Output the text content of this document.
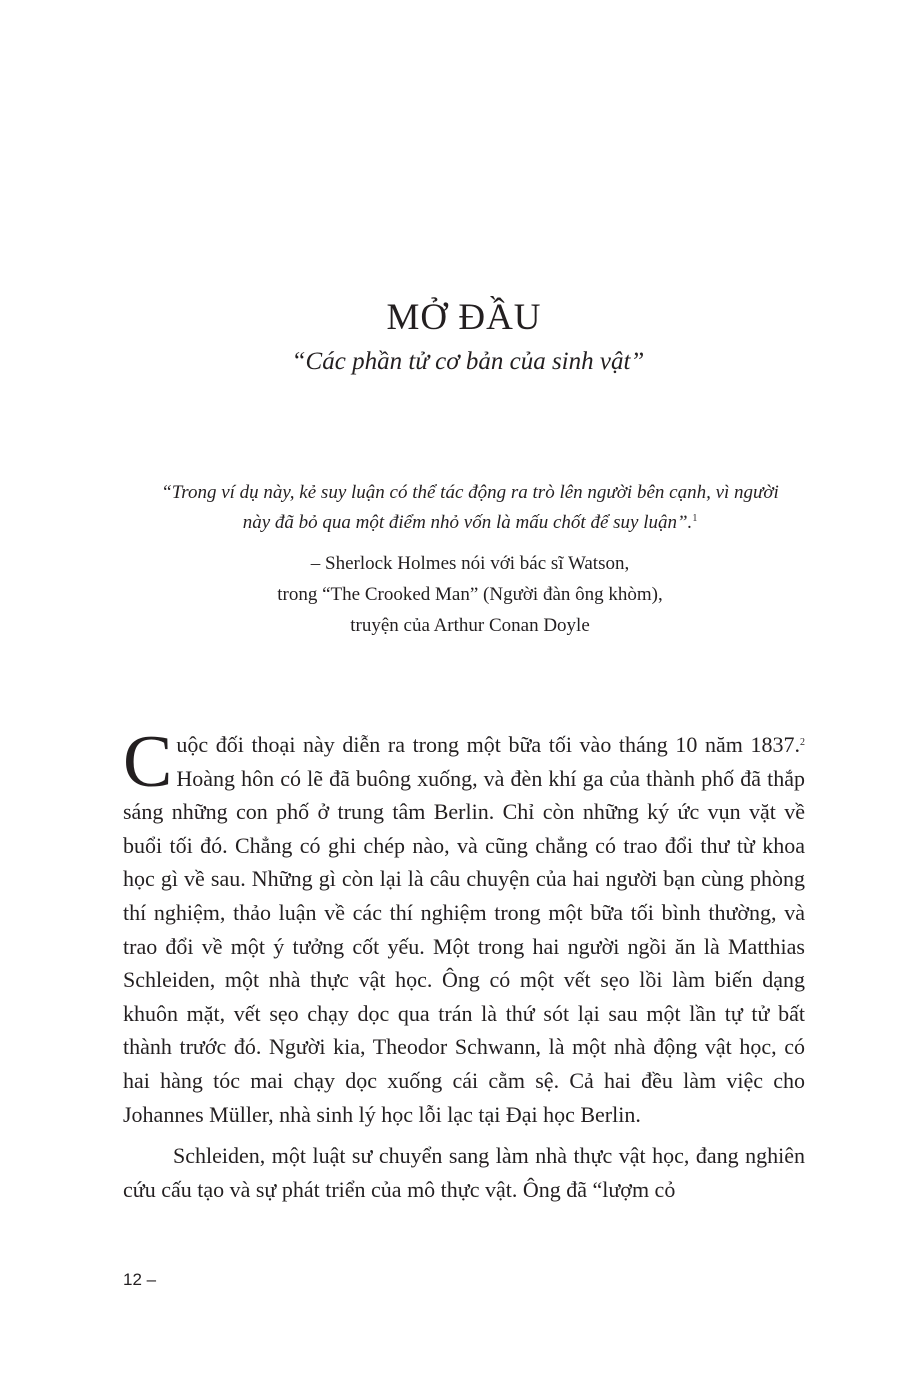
MỞ ĐẦU

“Các phần tử cơ bản của sinh vật”

“Trong ví dụ này, kẻ suy luận có thể tác động ra trò lên người bên cạnh, vì người này đã bỏ qua một điểm nhỏ vốn là mấu chốt để suy luận”.$^1$

– Sherlock Holmes nói với bác sĩ Watson,
trong “The Crooked Man” (Người đàn ông khòm),
truyện của Arthur Conan Doyle

Cuộc đối thoại này diễn ra trong một bữa tối vào tháng 10 năm 1837.$^2$ Hoàng hôn có lẽ đã buông xuống, và đèn khí ga của thành phố đã thắp sáng những con phố ở trung tâm Berlin. Chỉ còn những ký ức vụn vặt về buổi tối đó. Chẳng có ghi chép nào, và cũng chẳng có trao đổi thư từ khoa học gì về sau. Những gì còn lại là câu chuyện của hai người bạn cùng phòng thí nghiệm, thảo luận về các thí nghiệm trong một bữa tối bình thường, và trao đổi về một ý tưởng cốt yếu. Một trong hai người ngồi ăn là Matthias Schleiden, một nhà thực vật học. Ông có một vết sẹo lồi làm biến dạng khuôn mặt, vết sẹo chạy dọc qua trán là thứ sót lại sau một lần tự tử bất thành trước đó. Người kia, Theodor Schwann, là một nhà động vật học, có hai hàng tóc mai chạy dọc xuống cái cằm sệ. Cả hai đều làm việc cho Johannes Müller, nhà sinh lý học lỗi lạc tại Đại học Berlin.

Schleiden, một luật sư chuyển sang làm nhà thực vật học, đang nghiên cứu cấu tạo và sự phát triển của mô thực vật. Ông đã “lượm cỏ

12 –
